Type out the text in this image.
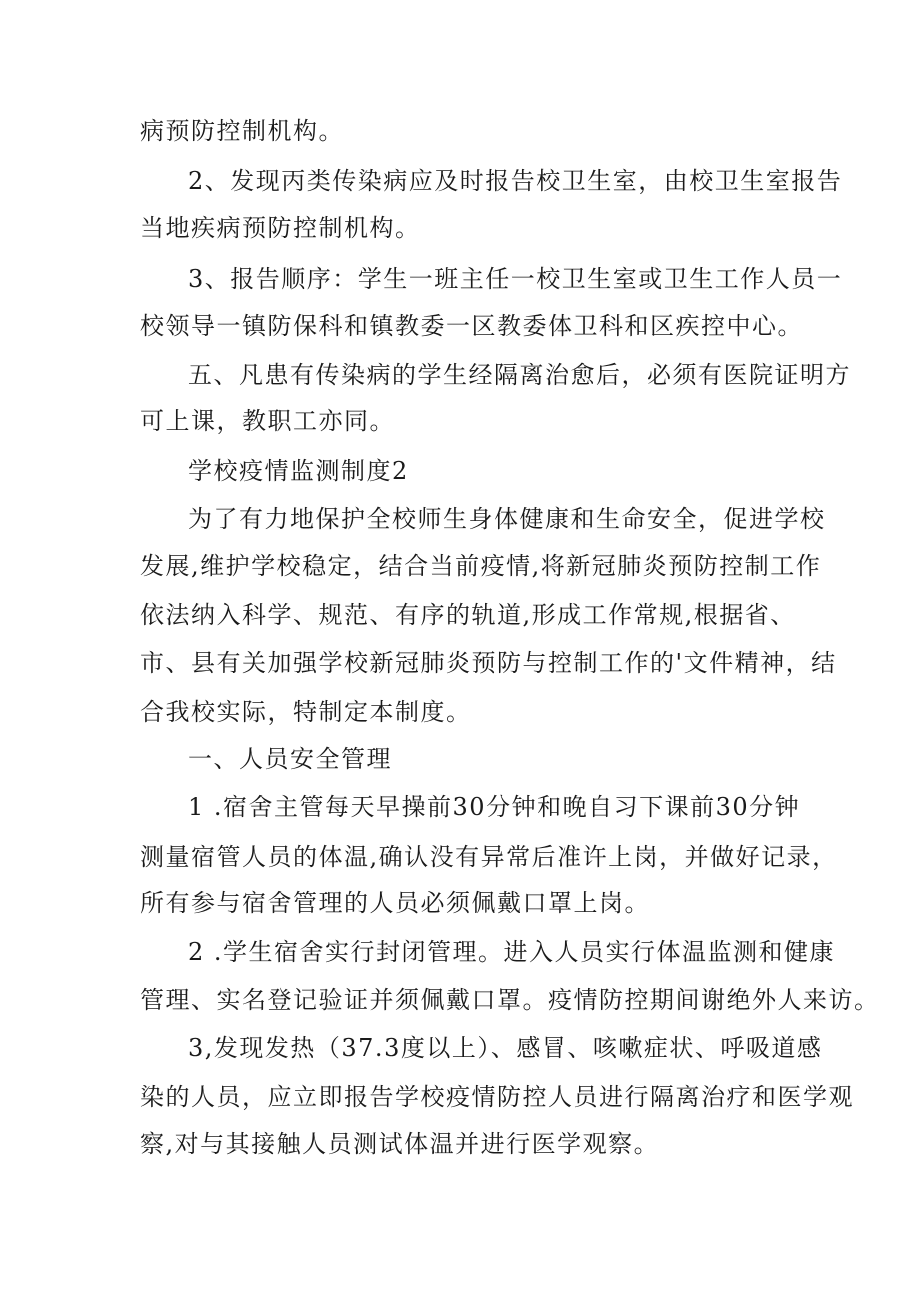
病预防控制机构。
2、发现丙类传染病应及时报告校卫生室，由校卫生室报告
当地疾病预防控制机构。
3、报告顺序：学生一班主任一校卫生室或卫生工作人员一
校领导一镇防保科和镇教委一区教委体卫科和区疾控中心。
五、凡患有传染病的学生经隔离治愈后，必须有医院证明方
可上课，教职工亦同。
学校疫情监测制度2
为了有力地保护全校师生身体健康和生命安全，促进学校
发展,维护学校稳定，结合当前疫情,将新冠肺炎预防控制工作
依法纳入科学、规范、有序的轨道,形成工作常规,根据省、
市、县有关加强学校新冠肺炎预防与控制工作的'文件精神，结
合我校实际，特制定本制度。
一、人员安全管理
1 .宿舍主管每天早操前30分钟和晚自习下课前30分钟
测量宿管人员的体温,确认没有异常后准许上岗，并做好记录，
所有参与宿舍管理的人员必须佩戴口罩上岗。
2 .学生宿舍实行封闭管理。进入人员实行体温监测和健康
管理、实名登记验证并须佩戴口罩。疫情防控期间谢绝外人来访。
3,发现发热（37.3度以上）、感冒、咳嗽症状、呼吸道感
染的人员，应立即报告学校疫情防控人员进行隔离治疗和医学观
察,对与其接触人员测试体温并进行医学观察。
